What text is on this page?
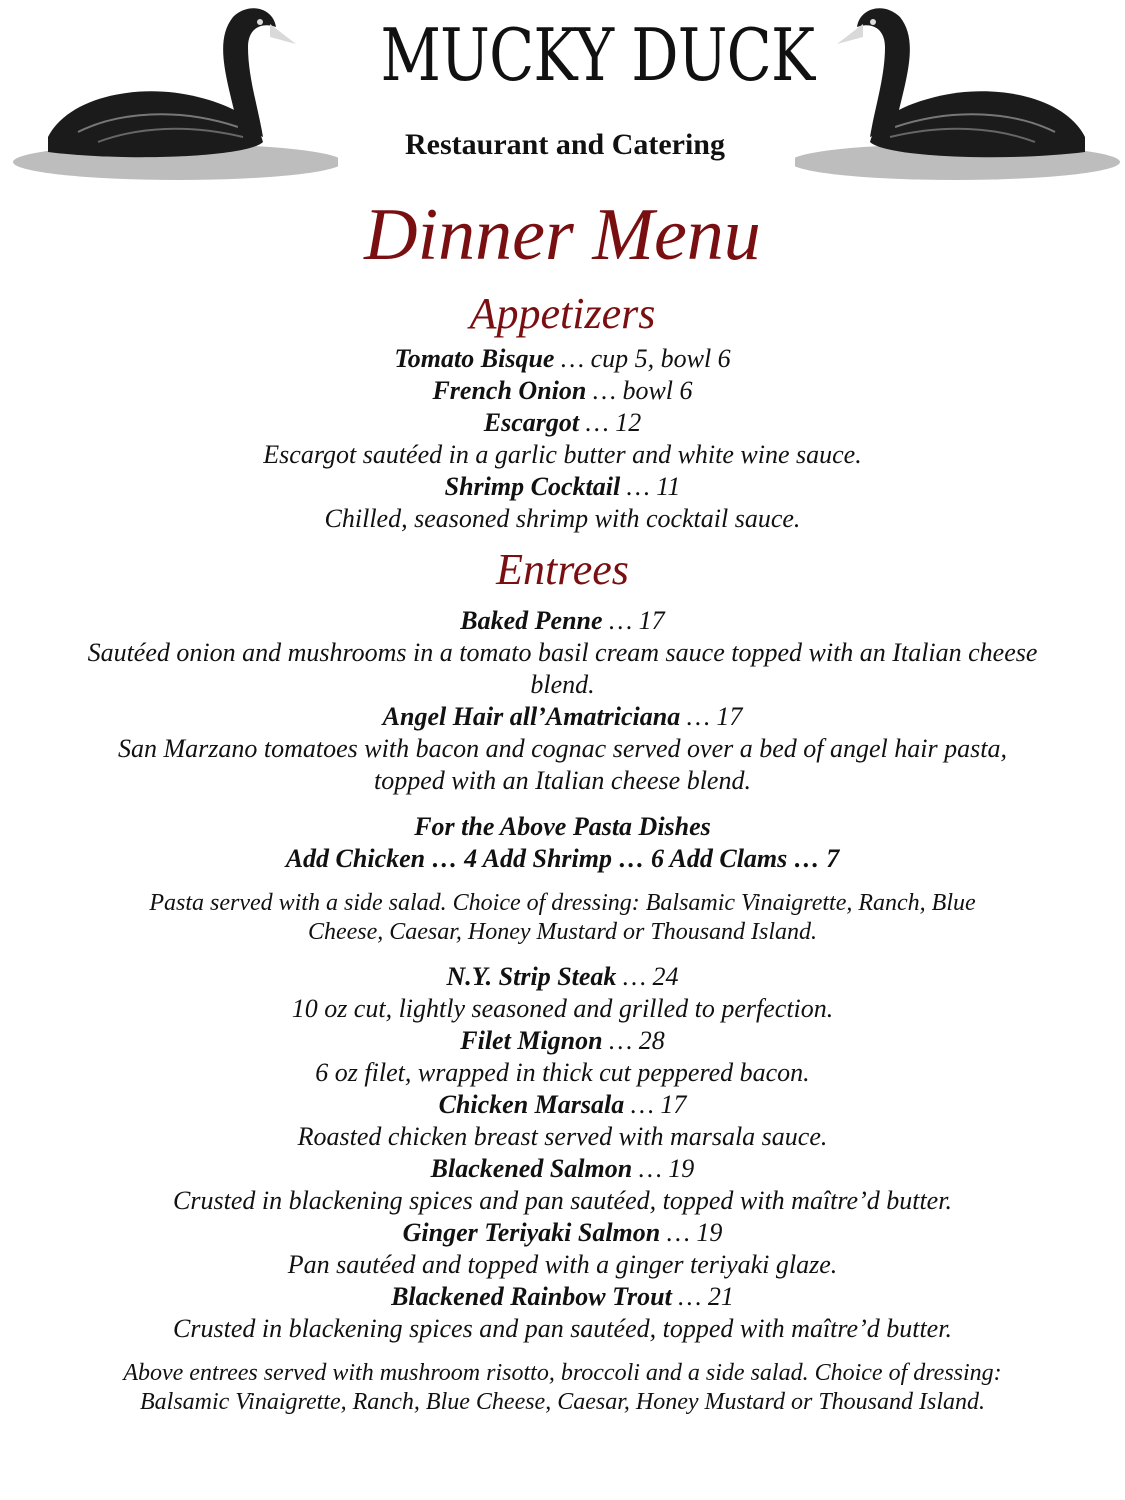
MUCKY DUCK
Restaurant and Catering
Dinner Menu
Appetizers
Tomato Bisque … cup 5, bowl 6
French Onion … bowl 6
Escargot … 12
Escargot sautéed in a garlic butter and white wine sauce.
Shrimp Cocktail … 11
Chilled, seasoned shrimp with cocktail sauce.
Entrees
Baked Penne … 17
Sautéed onion and mushrooms in a tomato basil cream sauce topped with an Italian cheese blend.
Angel Hair all’Amatriciana … 17
San Marzano tomatoes with bacon and cognac served over a bed of angel hair pasta, topped with an Italian cheese blend.
For the Above Pasta Dishes
Add Chicken … 4 Add Shrimp … 6 Add Clams … 7
Pasta served with a side salad. Choice of dressing: Balsamic Vinaigrette, Ranch, Blue Cheese, Caesar, Honey Mustard or Thousand Island.
N.Y. Strip Steak … 24
10 oz cut, lightly seasoned and grilled to perfection.
Filet Mignon … 28
6 oz filet, wrapped in thick cut peppered bacon.
Chicken Marsala … 17
Roasted chicken breast served with marsala sauce.
Blackened Salmon … 19
Crusted in blackening spices and pan sautéed, topped with maître’d butter.
Ginger Teriyaki Salmon … 19
Pan sautéed and topped with a ginger teriyaki glaze.
Blackened Rainbow Trout … 21
Crusted in blackening spices and pan sautéed, topped with maître’d butter.
Above entrees served with mushroom risotto, broccoli and a side salad. Choice of dressing: Balsamic Vinaigrette, Ranch, Blue Cheese, Caesar, Honey Mustard or Thousand Island.
